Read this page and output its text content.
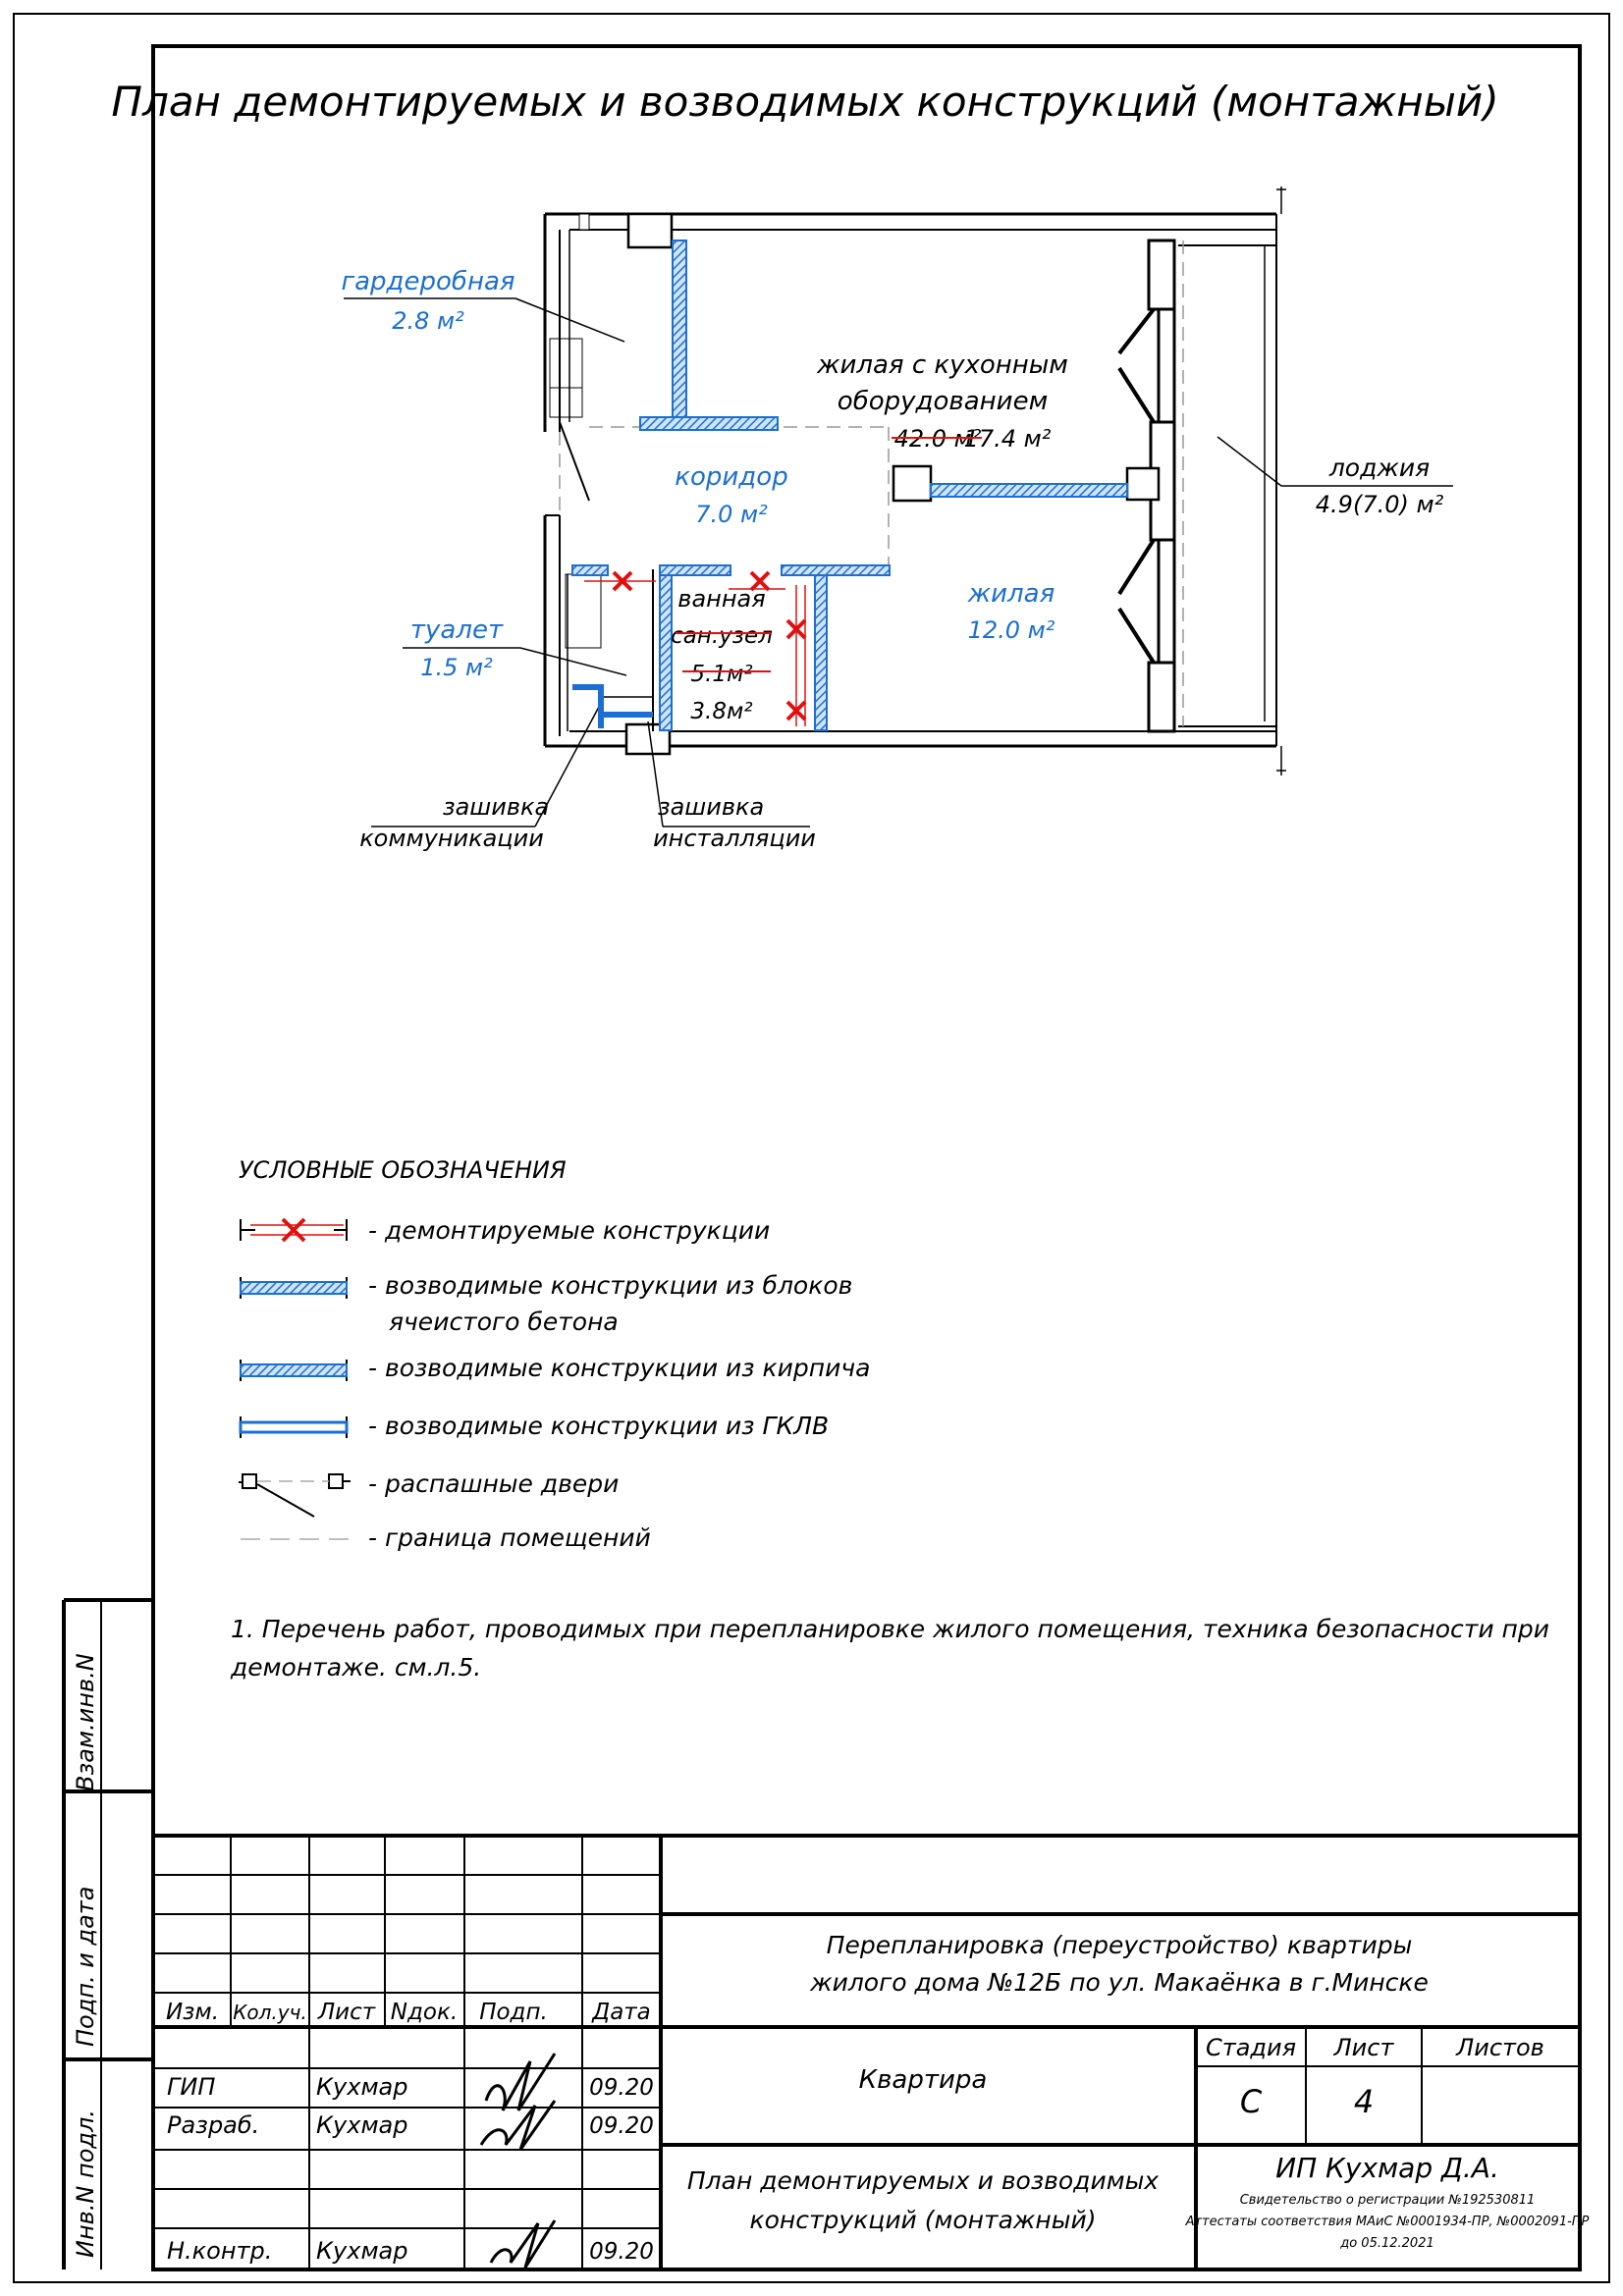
План демонтируемых и возводимых конструкций (монтажный)
гардеробная
2.8 м²
коридор
7.0 м²
туалет
1.5 м²
ванная
сан.узел
5.1м²
3.8м²
жилая с кухонным
оборудованием
42.0 м²
17.4 м²
жилая
12.0 м²
лоджия
4.9(7.0) м²
зашивка
коммуникации
зашивка
инсталляции
УСЛОВНЫЕ ОБОЗНАЧЕНИЯ
- демонтируемые конструкции
- возводимые конструкции из блоков
ячеистого бетона
- возводимые конструкции из кирпича
- возводимые конструкции из ГКЛВ
- распашные двери
- граница помещений
1. Перечень работ, проводимых при перепланировке жилого помещения, техника безопасности при
демонтаже. см.л.5.
Взам.инв.N
Подп. и дата
Инв.N подл.
Изм. Кол.уч. Лист Nдок. Подп. Дата
ГИП	Кухмар	09.20
Разраб. Кухмар	09.20
Н.контр. Кухмар	09.20
Перепланировка (переустройство) квартиры
жилого дома №12Б по ул. Макаёнка в г.Минске
Квартира
Стадия Лист	Листов
С	4
План демонтируемых и возводимых
конструкций (монтажный)
ИП Кухмар Д.А.
Свидетельство о регистрации №192530811
Аттестаты соответствия МАиС №0001934-ПР, №0002091-ПР
до 05.12.2021
